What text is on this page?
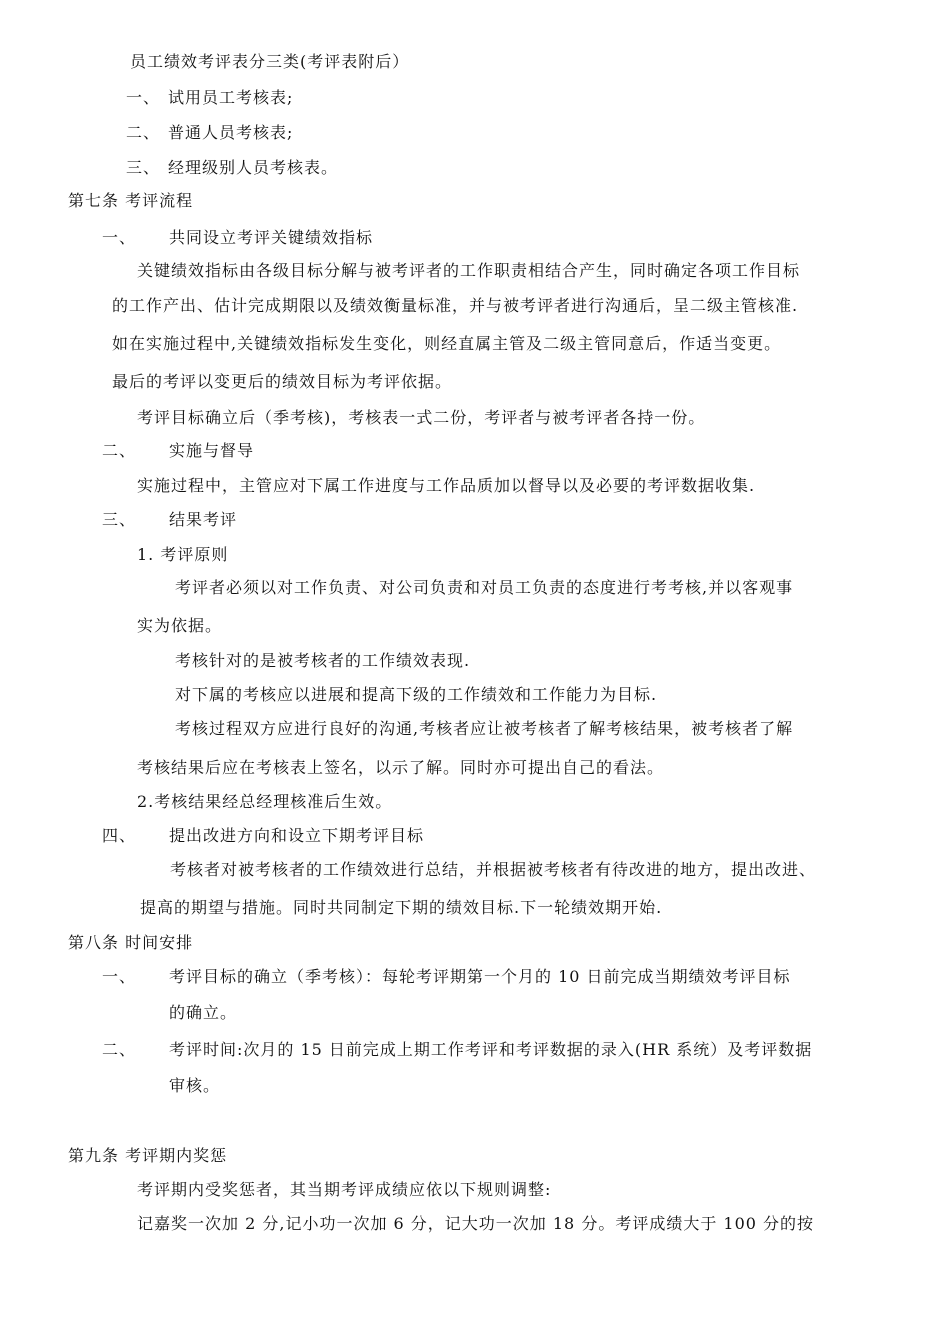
员工绩效考评表分三类(考评表附后）
一、 试用员工考核表;
二、 普通人员考核表;
三、 经理级别人员考核表。
第七条 考评流程
一、 共同设立考评关键绩效指标
关键绩效指标由各级目标分解与被考评者的工作职责相结合产生，同时确定各项工作目标
的工作产出、估计完成期限以及绩效衡量标准，并与被考评者进行沟通后，呈二级主管核准.
如在实施过程中,关键绩效指标发生变化，则经直属主管及二级主管同意后，作适当变更。
最后的考评以变更后的绩效目标为考评依据。
考评目标确立后（季考核)，考核表一式二份，考评者与被考评者各持一份。
二、 实施与督导
实施过程中，主管应对下属工作进度与工作品质加以督导以及必要的考评数据收集.
三、 结果考评
1. 考评原则
考评者必须以对工作负责、对公司负责和对员工负责的态度进行考考核,并以客观事
实为依据。
考核针对的是被考核者的工作绩效表现.
对下属的考核应以进展和提高下级的工作绩效和工作能力为目标.
考核过程双方应进行良好的沟通,考核者应让被考核者了解考核结果，被考核者了解
考核结果后应在考核表上签名，以示了解。同时亦可提出自己的看法。
2.考核结果经总经理核准后生效。
四、 提出改进方向和设立下期考评目标
考核者对被考核者的工作绩效进行总结，并根据被考核者有待改进的地方，提出改进、
提高的期望与措施。同时共同制定下期的绩效目标.下一轮绩效期开始.
第八条 时间安排
一、 考评目标的确立（季考核）：每轮考评期第一个月的 10 日前完成当期绩效考评目标
的确立。
二、 考评时间:次月的 15 日前完成上期工作考评和考评数据的录入(HR 系统）及考评数据
审核。
第九条 考评期内奖惩
考评期内受奖惩者，其当期考评成绩应依以下规则调整:
记嘉奖一次加 2 分,记小功一次加 6 分，记大功一次加 18 分。考评成绩大于 100 分的按
